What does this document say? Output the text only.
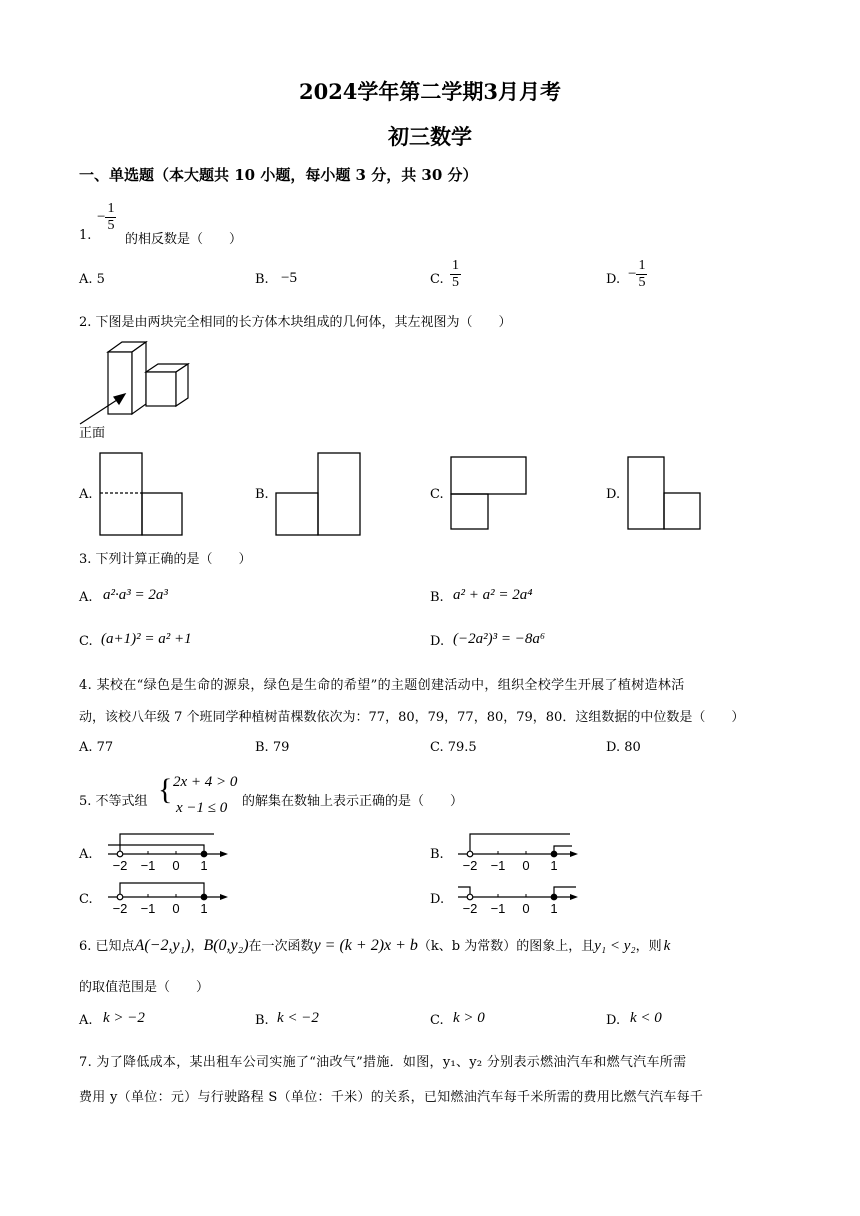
2024学年第二学期3月月考
初三数学
一、单选题（本大题共 10 小题，每小题 3 分，共 30 分）
1.
− $\frac{1}{5}$
的相反数是（　　）
A. 5	B. −5	C. $\frac{1}{5}$	D. − $\frac{1}{5}$
2. 下图是由两块完全相同的长方体木块组成的几何体，其左视图为（　　）
正面
A.	B.	C.	D.
3. 下列计算正确的是（　　）
A. a²·a³ = 2a³	B. a² + a² = 2a⁴
C. (a+1)² = a² +1	D. (−2a²)³ = −8a⁶
4. 某校在“绿色是生命的源泉，绿色是生命的希望”的主题创建活动中，组织全校学生开展了植树造林活
动，该校八年级 7 个班同学种植树苗棵数依次为：77，80，79，77，80，79，80．这组数据的中位数是（　　）
A. 77	B. 79	C. 79.5	D. 80
5. 不等式组 { 2x + 4 > 0
x −1 ≤ 0 的解集在数轴上表示正确的是（　　）
A.
−2 −1 0 1
B.
−2 −1 0 1
C.
−2 −1 0 1
D.
−2 −1 0 1
6. 已知点A(−2,y₁)，B(0,y₂)在一次函数y = (k + 2)x + b（k、b 为常数）的图象上，且y₁ < y₂，则 k
的取值范围是（　　）
A. k > −2	B. k < −2	C. k > 0	D. k < 0
7. 为了降低成本，某出租车公司实施了“油改气”措施．如图，y₁、y₂ 分别表示燃油汽车和燃气汽车所需
费用 y（单位：元）与行驶路程 S（单位：千米）的关系，已知燃油汽车每千米所需的费用比燃气汽车每千
